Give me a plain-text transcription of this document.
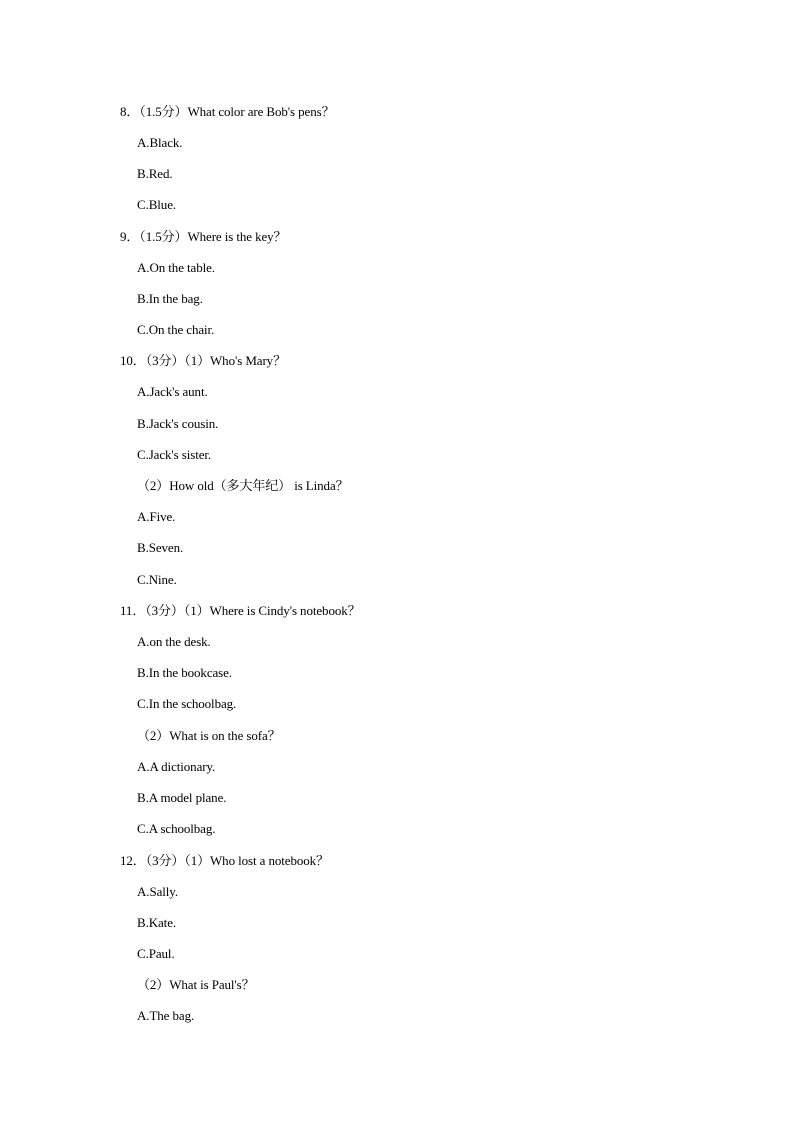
8．（1.5分）What color are Bob's pens？
A.Black.
B.Red.
C.Blue.
9．（1.5分）Where is the key？
A.On the table.
B.In the bag.
C.On the chair.
10．（3分）（1）Who's Mary？
A.Jack's aunt.
B.Jack's cousin.
C.Jack's sister.
（2）How old（多大年纪） is Linda？
A.Five.
B.Seven.
C.Nine.
11．（3分）（1）Where is Cindy's notebook？
A.on the desk.
B.In the bookcase.
C.In the schoolbag.
（2）What is on the sofa？
A.A dictionary.
B.A model plane.
C.A schoolbag.
12．（3分）（1）Who lost a notebook？
A.Sally.
B.Kate.
C.Paul.
（2）What is Paul's？
A.The bag.
